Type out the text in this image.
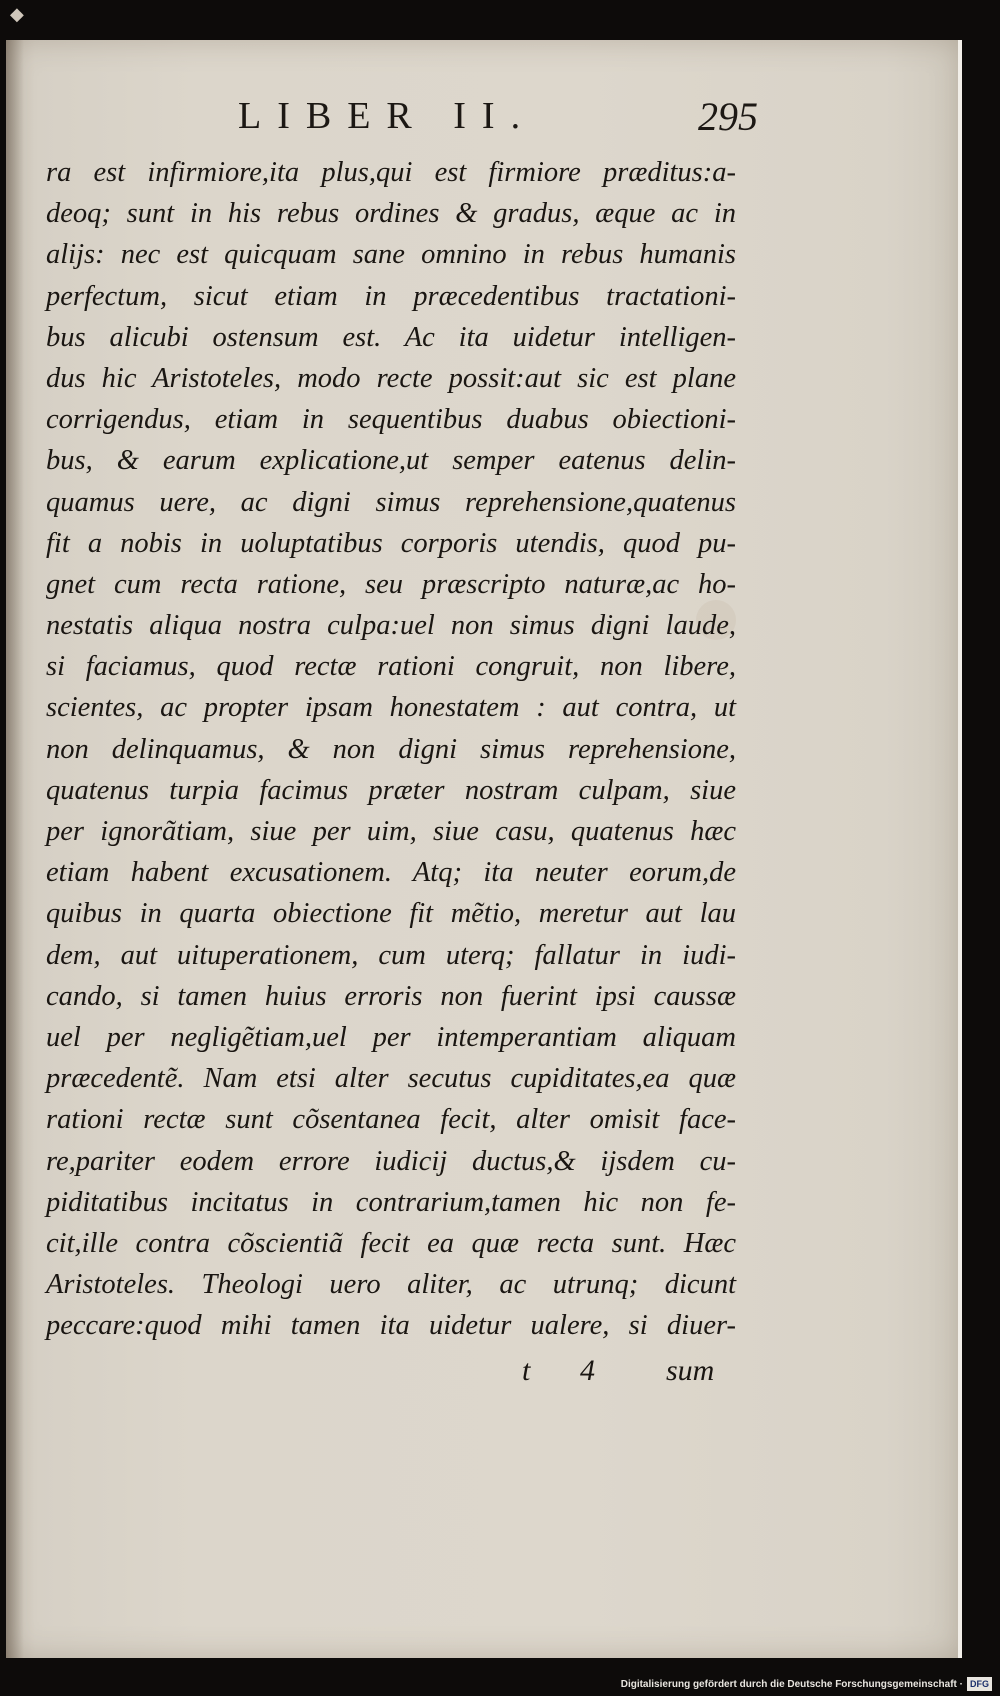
◆
LIBER II.	295
ra est infirmiore,ita plus,qui est firmiore præditus:a-
deoq; sunt in his rebus ordines & gradus, æque ac in
alijs: nec est quicquam sane omnino in rebus humanis
perfectum, sicut etiam in præcedentibus tractationi-
bus alicubi ostensum est. Ac ita uidetur intelligen-
dus hic Aristoteles, modo recte possit:aut sic est plane
corrigendus, etiam in sequentibus duabus obiectioni-
bus, & earum explicatione,ut semper eatenus delin-
quamus uere, ac digni simus reprehensione,quatenus
fit a nobis in uoluptatibus corporis utendis, quod pu-
gnet cum recta ratione, seu præscripto naturæ,ac ho-
nestatis aliqua nostra culpa:uel non simus digni laude,
si faciamus, quod rectæ rationi congruit, non libere,
scientes, ac propter ipsam honestatem : aut contra, ut
non delinquamus, & non digni simus reprehensione,
quatenus turpia facimus præter nostram culpam, siue
per ignorãtiam, siue per uim, siue casu, quatenus hæc
etiam habent excusationem. Atq; ita neuter eorum,de
quibus in quarta obiectione fit mẽtio, meretur aut lau
dem, aut uituperationem, cum uterq; fallatur in iudi-
cando, si tamen huius erroris non fuerint ipsi caussæ
uel per negligẽtiam,uel per intemperantiam aliquam
præcedentẽ. Nam etsi alter secutus cupiditates,ea quæ
rationi rectæ sunt cõsentanea fecit, alter omisit face-
re,pariter eodem errore iudicij ductus,& ijsdem cu-
piditatibus incitatus in contrarium,tamen hic non fe-
cit,ille contra cõscientiã fecit ea quæ recta sunt. Hæc
Aristoteles. Theologi uero aliter, ac utrunq; dicunt
peccare:quod mihi tamen ita uidetur ualere, si diuer-
t 4 sum
Digitalisierung gefördert durch die Deutsche Forschungsgemeinschaft · DFG
